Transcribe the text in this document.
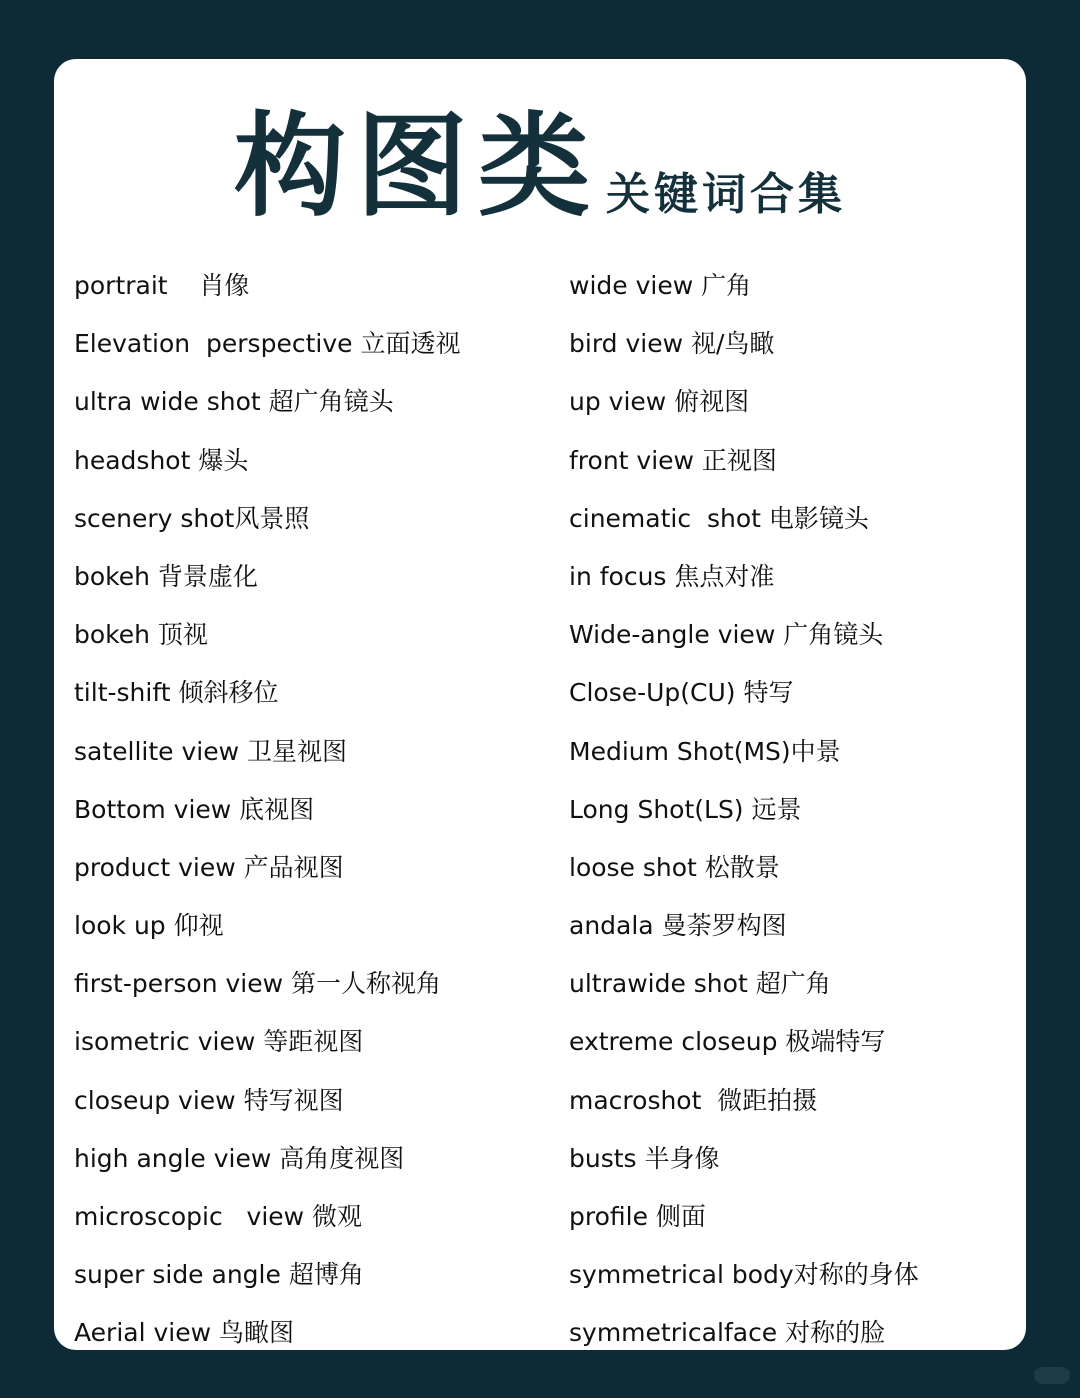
构图类 关键词合集
portrait    肖像
Elevation  perspective 立面透视
ultra wide shot 超广角镜头
headshot 爆头
scenery shot风景照
bokeh 背景虚化
bokeh 顶视
tilt-shift 倾斜移位
satellite view 卫星视图
Bottom view 底视图
product view 产品视图
look up 仰视
first-person view 第一人称视角
isometric view 等距视图
closeup view 特写视图
high angle view 高角度视图
microscopic   view 微观
super side angle 超博角
Aerial view 鸟瞰图
wide view 广角
bird view 视/鸟瞰
up view 俯视图
front view 正视图
cinematic  shot 电影镜头
in focus 焦点对准
Wide-angle view 广角镜头
Close-Up(CU) 特写
Medium Shot(MS)中景
Long Shot(LS) 远景
loose shot 松散景
andala 曼荼罗构图
ultrawide shot 超广角
extreme closeup 极端特写
macroshot  微距拍摄
busts 半身像
profile 侧面
symmetrical body对称的身体
symmetricalface 对称的脸
